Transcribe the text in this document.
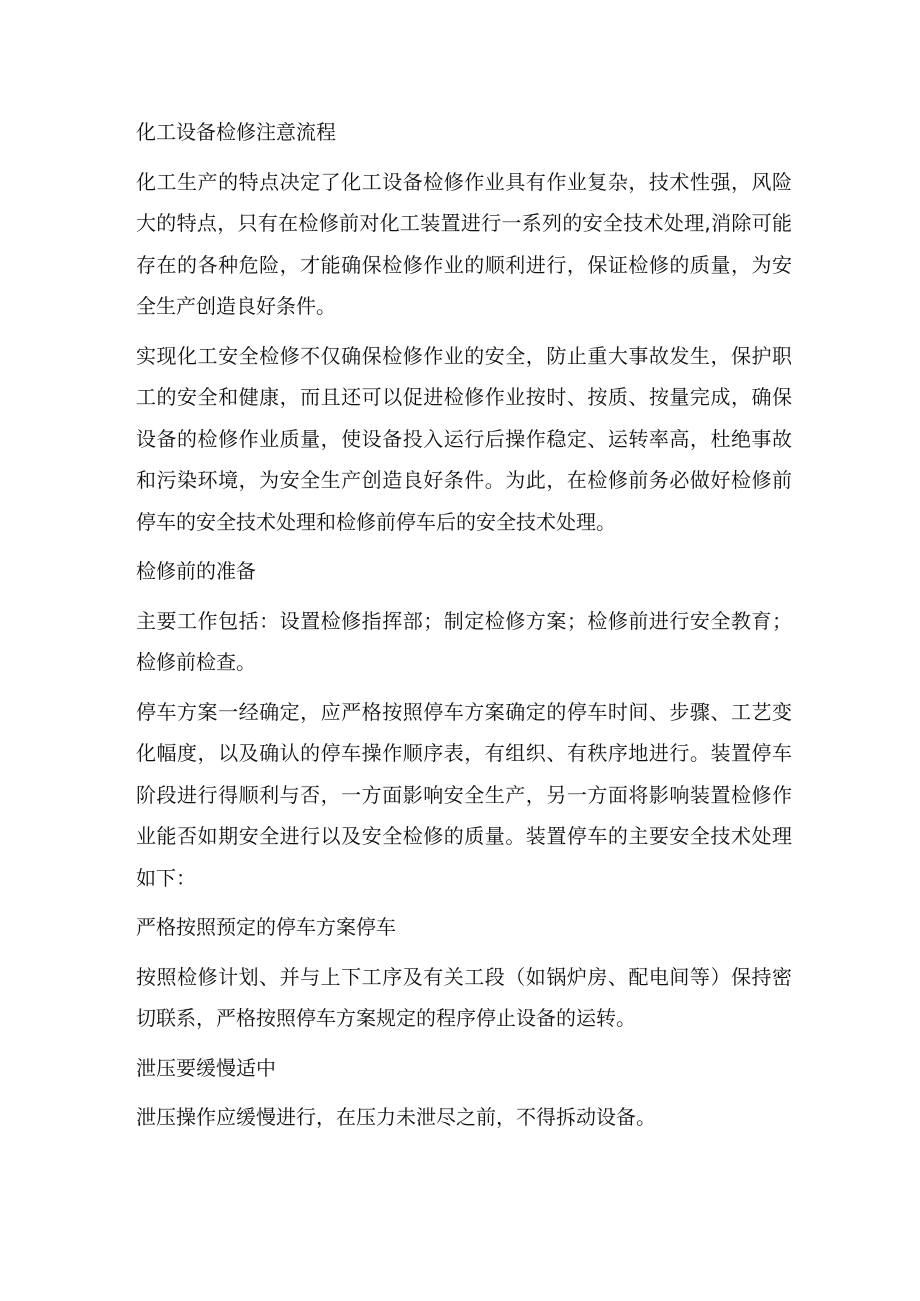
化工设备检修注意流程

化工生产的特点决定了化工设备检修作业具有作业复杂，技术性强，风险大的特点，只有在检修前对化工装置进行一系列的安全技术处理,消除可能存在的各种危险，才能确保检修作业的顺利进行，保证检修的质量，为安全生产创造良好条件。

实现化工安全检修不仅确保检修作业的安全，防止重大事故发生，保护职工的安全和健康，而且还可以促进检修作业按时、按质、按量完成，确保设备的检修作业质量，使设备投入运行后操作稳定、运转率高，杜绝事故和污染环境，为安全生产创造良好条件。为此，在检修前务必做好检修前停车的安全技术处理和检修前停车后的安全技术处理。

检修前的准备

主要工作包括：设置检修指挥部；制定检修方案；检修前进行安全教育；检修前检查。

停车方案一经确定，应严格按照停车方案确定的停车时间、步骤、工艺变化幅度，以及确认的停车操作顺序表，有组织、有秩序地进行。装置停车阶段进行得顺利与否，一方面影响安全生产，另一方面将影响装置检修作业能否如期安全进行以及安全检修的质量。装置停车的主要安全技术处理如下：

严格按照预定的停车方案停车

按照检修计划、并与上下工序及有关工段（如锅炉房、配电间等）保持密切联系，严格按照停车方案规定的程序停止设备的运转。

泄压要缓慢适中

泄压操作应缓慢进行，在压力未泄尽之前，不得拆动设备。
